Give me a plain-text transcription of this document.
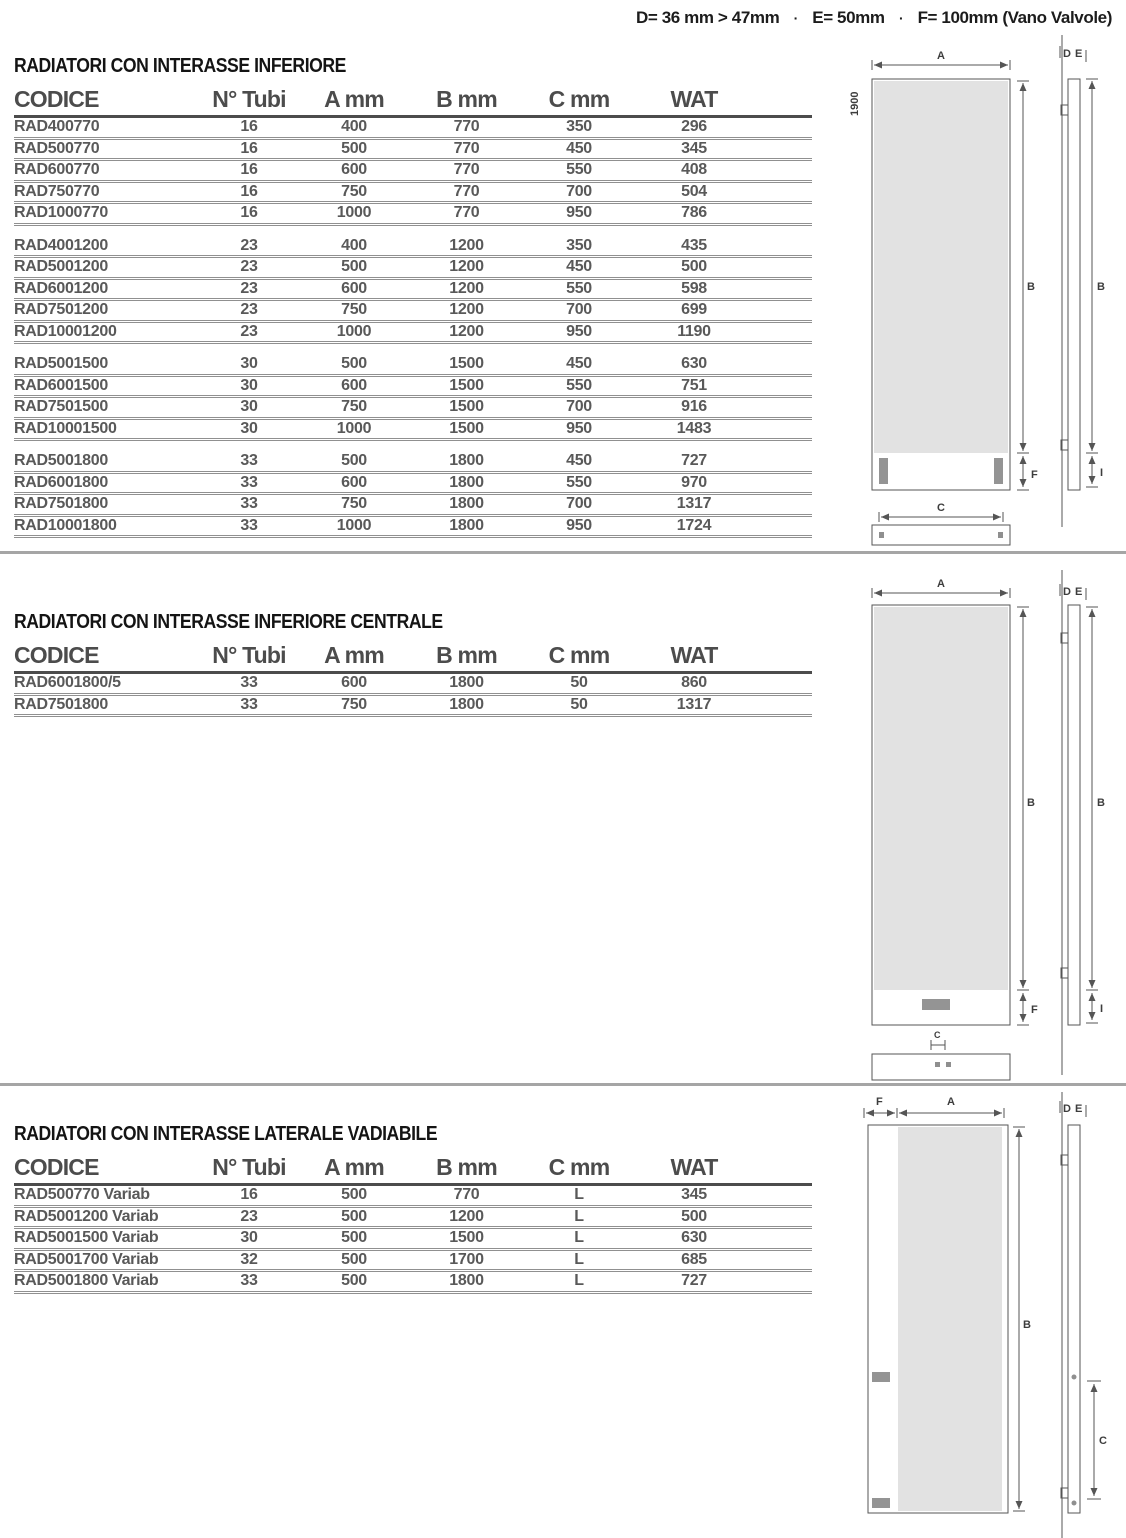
D= 36 mm > 47mm · E= 50mm · F= 100mm (Vano Valvole)
RADIATORI CON INTERASSE INFERIORE
CODICE	N° Tubi	A mm	B mm	C mm	WAT
RAD400770	16	400	770	350	296
RAD500770	16	500	770	450	345
RAD600770	16	600	770	550	408
RAD750770	16	750	770	700	504
RAD1000770	16	1000	770	950	786
RAD4001200	23	400	1200	350	435
RAD5001200	23	500	1200	450	500
RAD6001200	23	600	1200	550	598
RAD7501200	23	750	1200	700	699
RAD10001200	23	1000	1200	950	1190
RAD5001500	30	500	1500	450	630
RAD6001500	30	600	1500	550	751
RAD7501500	30	750	1500	700	916
RAD10001500	30	1000	1500	950	1483
RAD5001800	33	500	1800	450	727
RAD6001800	33	600	1800	550	970
RAD7501800	33	750	1800	700	1317
RAD10001800	33	1000	1800	950	1724
RADIATORI CON INTERASSE INFERIORE CENTRALE
CODICE	N° Tubi	A mm	B mm	C mm	WAT
RAD6001800/5	33	600	1800	50	860
RAD7501800	33	750	1800	50	1317
RADIATORI CON INTERASSE LATERALE VADIABILE
CODICE	N° Tubi	A mm	B mm	C mm	WAT
RAD500770 Variab	16	500	770	L	345
RAD5001200 Variab	23	500	1200	L	500
RAD5001500 Variab	30	500	1500	L	630
RAD5001700 Variab	32	500	1700	L	685
RAD5001800 Variab	33	500	1800	L	727
1900
A
B
F
C
D E
B
I
A
B
F
C
D E
B
I
F	A
B
D E
C
